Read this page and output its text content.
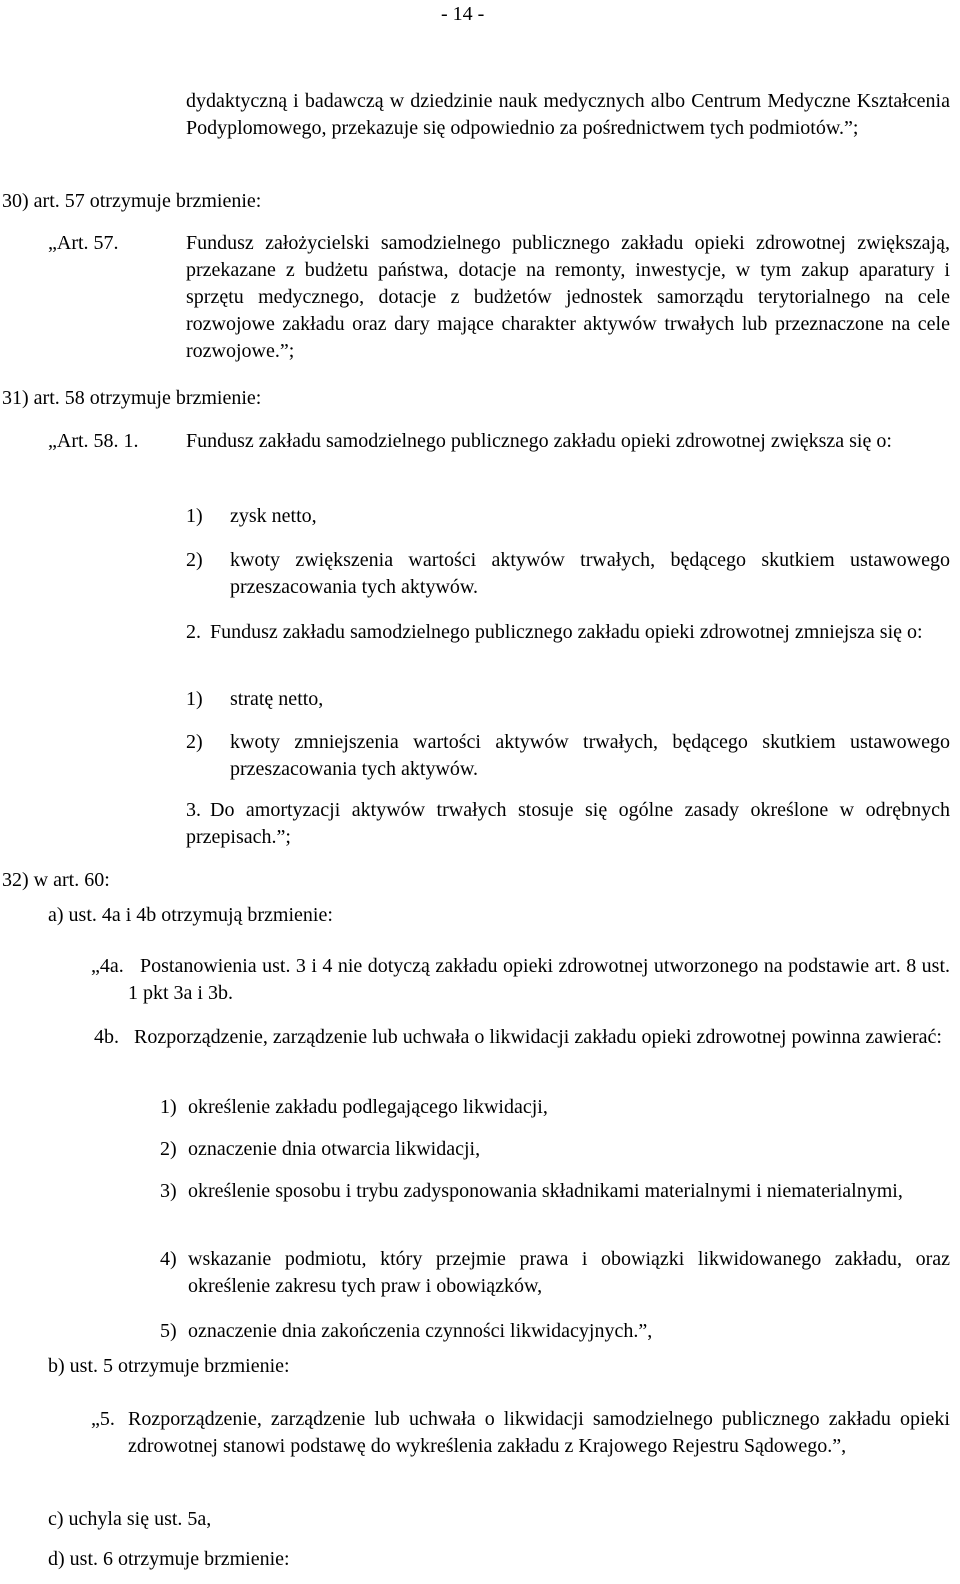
- 14 -

dydaktyczną i badawczą w dziedzinie nauk medycznych albo Centrum Medyczne Kształcenia Podyplomowego, przekazuje się odpowiednio za pośrednictwem tych podmiotów.”;

30) art. 57 otrzymuje brzmienie:
„Art. 57.	Fundusz założycielski samodzielnego publicznego zakładu opieki zdrowotnej zwiększają, przekazane z budżetu państwa, dotacje na remonty, inwestycje, w tym zakup aparatury i sprzętu medycznego, dotacje z budżetów jednostek samorządu terytorialnego na cele rozwojowe zakładu oraz dary mające charakter aktywów trwałych lub przeznaczone na cele rozwojowe.”;

31) art. 58 otrzymuje brzmienie:
„Art. 58. 1. Fundusz zakładu samodzielnego publicznego zakładu opieki zdrowotnej zwiększa się o:

1) zysk netto,
2) kwoty zwiększenia wartości aktywów trwałych, będącego skutkiem ustawowego przeszacowania tych aktywów.

2. Fundusz zakładu samodzielnego publicznego zakładu opieki zdrowotnej zmniejsza się o:

1) stratę netto,
2) kwoty zmniejszenia wartości aktywów trwałych, będącego skutkiem ustawowego przeszacowania tych aktywów.

3. Do amortyzacji aktywów trwałych stosuje się ogólne zasady określone w odrębnych przepisach.”;

32) w art. 60:
a) ust. 4a i 4b otrzymują brzmienie:
„4a. Postanowienia ust. 3 i 4 nie dotyczą zakładu opieki zdrowotnej utworzonego na podstawie art. 8 ust. 1 pkt 3a i 3b.

4b. Rozporządzenie, zarządzenie lub uchwała o likwidacji zakładu opieki zdrowotnej powinna zawierać:

1) określenie zakładu podlegającego likwidacji,
2) oznaczenie dnia otwarcia likwidacji,
3) określenie sposobu i trybu zadysponowania składnikami materialnymi i niematerialnymi,

4) wskazanie podmiotu, który przejmie prawa i obowiązki likwidowanego zakładu, oraz określenie zakresu tych praw i obowiązków,

5) oznaczenie dnia zakończenia czynności likwidacyjnych.”,
b) ust. 5 otrzymuje brzmienie:
„5. Rozporządzenie, zarządzenie lub uchwała o likwidacji samodzielnego publicznego zakładu opieki zdrowotnej stanowi podstawę do wykreślenia zakładu z Krajowego Rejestru Sądowego.”,

c) uchyla się ust. 5a,
d) ust. 6 otrzymuje brzmienie:
